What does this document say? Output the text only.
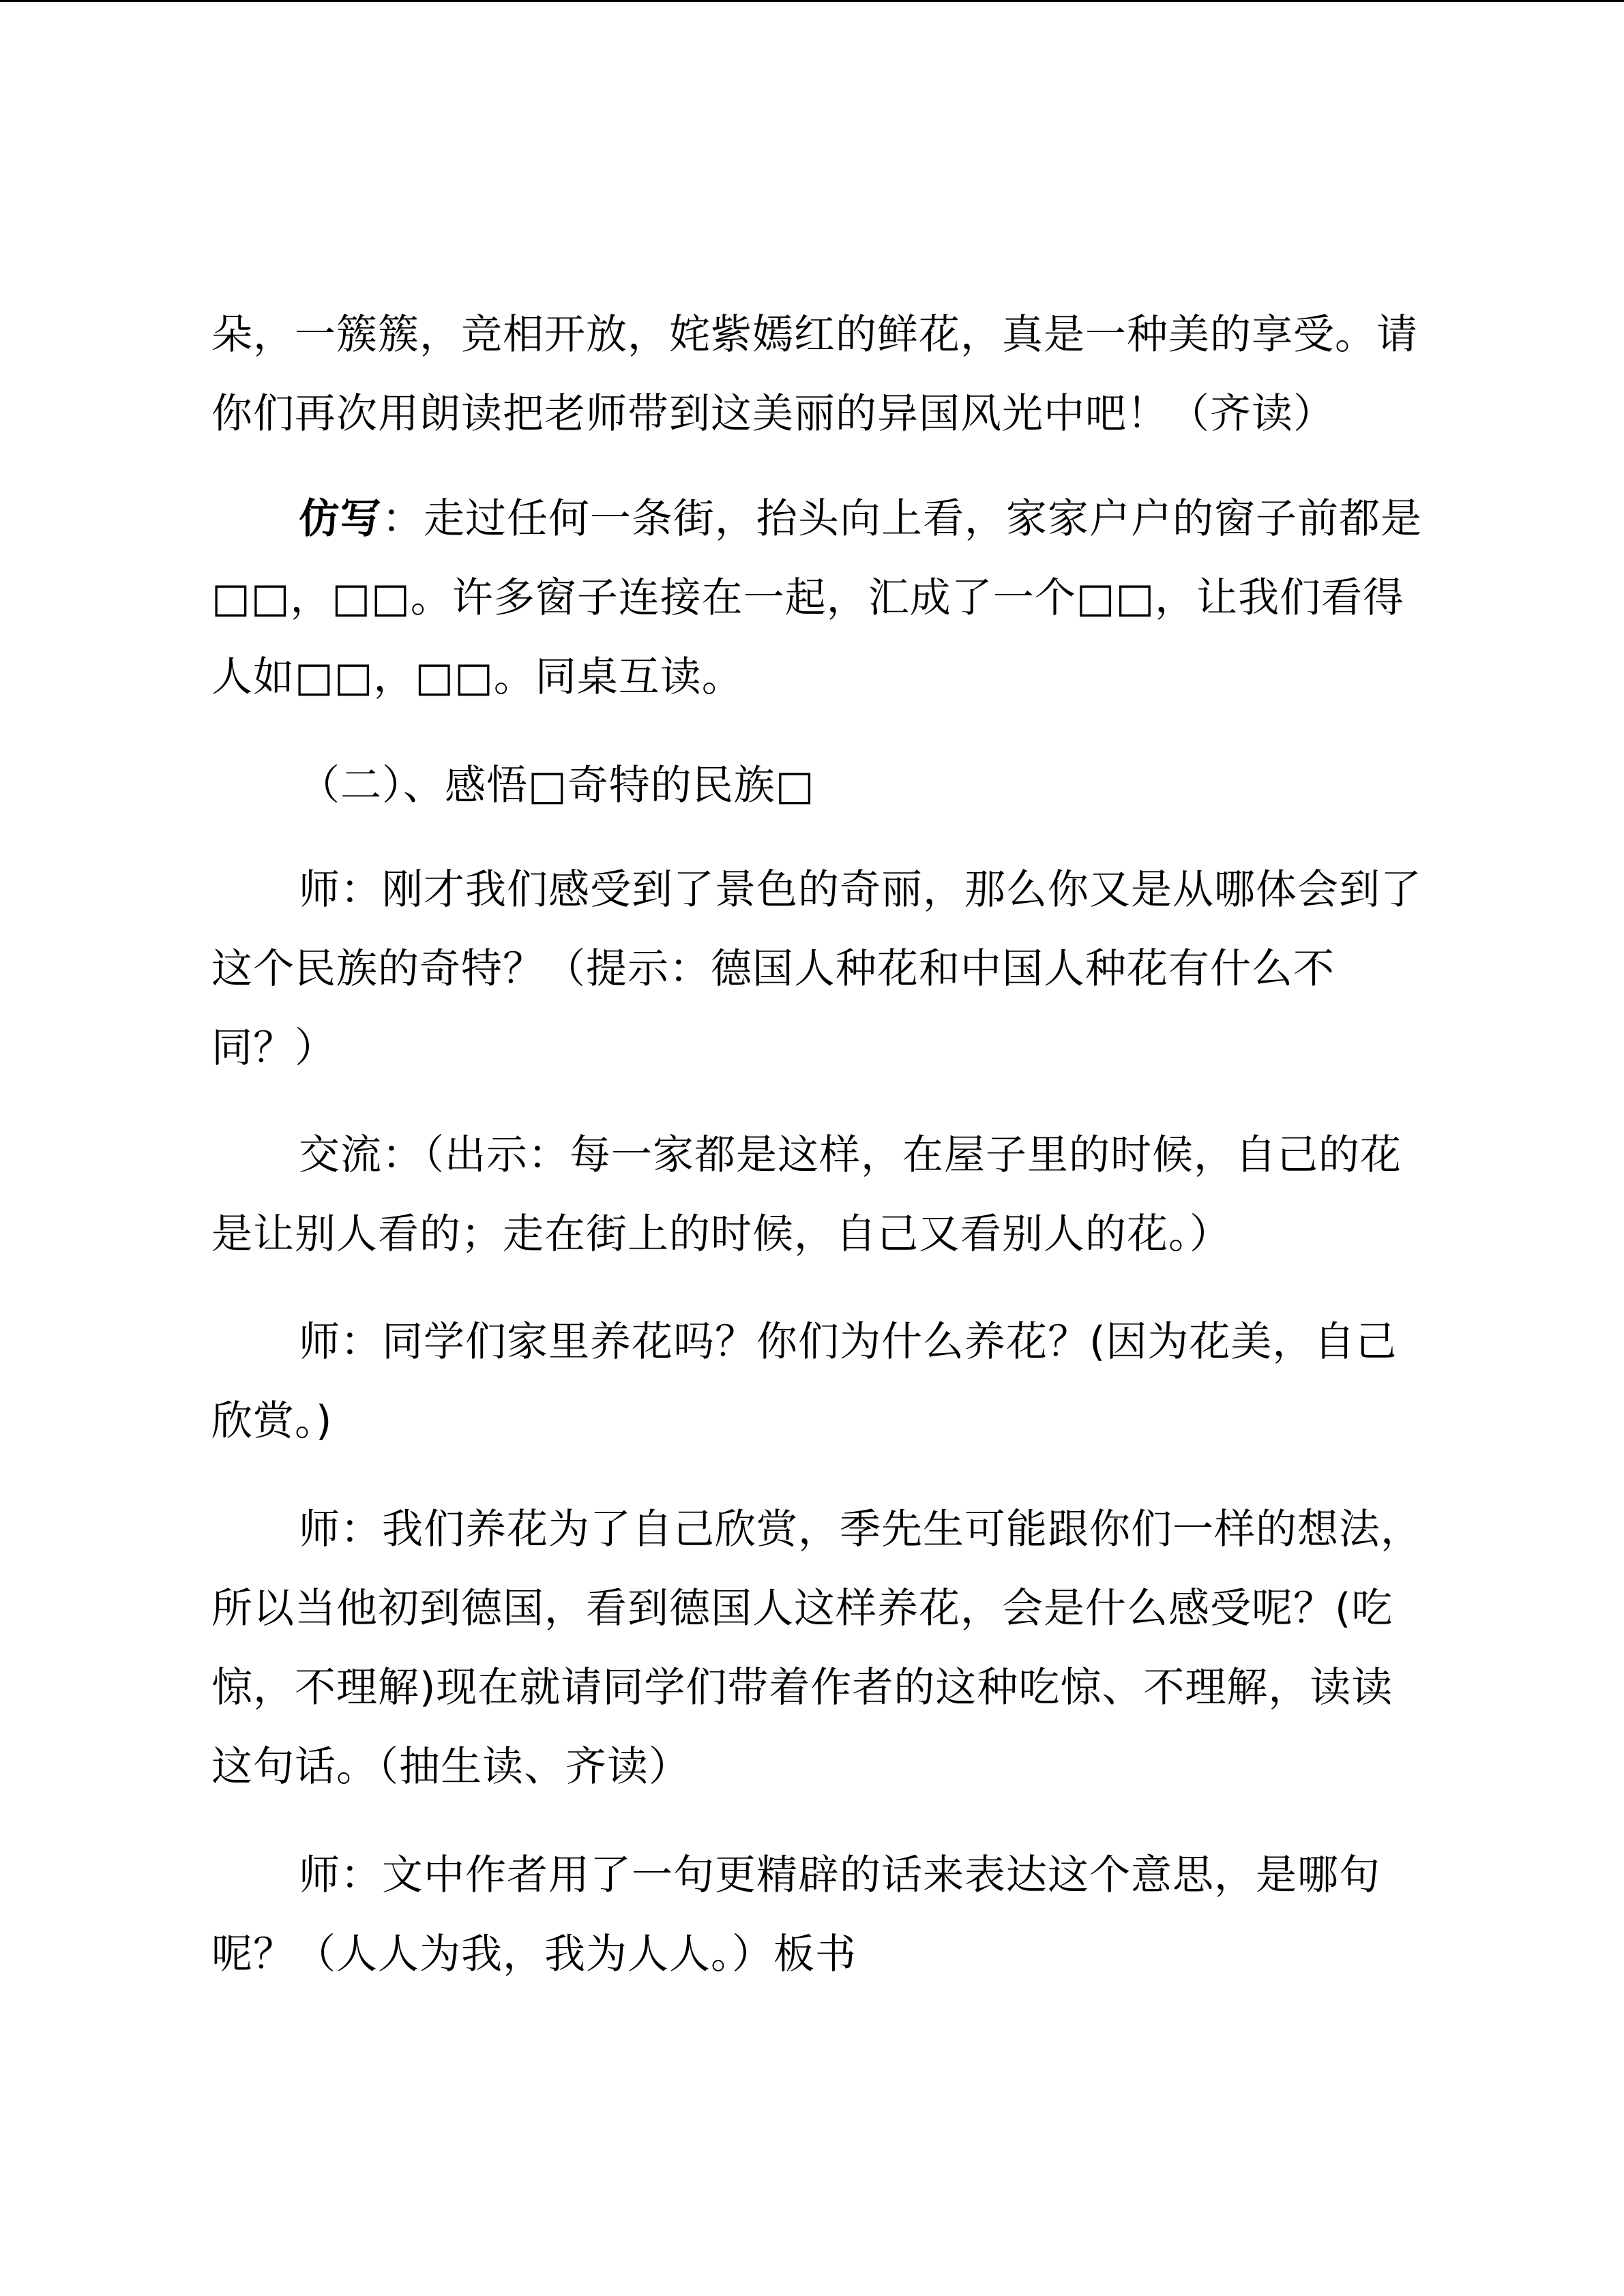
朵，一簇簇，竞相开放，姹紫嫣红的鲜花，真是一种美的享受。请你们再次用朗读把老师带到这美丽的异国风光中吧！（齐读）

仿写：走过任何一条街，抬头向上看，家家户户的窗子前都是□□，□□。许多窗子连接在一起，汇成了一个□□，让我们看得人如□□，□□。同桌互读。

（二）、感悟□奇特的民族□

师：刚才我们感受到了景色的奇丽，那么你又是从哪体会到了这个民族的奇特？（提示：德国人种花和中国人种花有什么不同？）

交流：（出示：每一家都是这样，在屋子里的时候，自己的花是让别人看的；走在街上的时候，自己又看别人的花。）

师：同学们家里养花吗？你们为什么养花？(因为花美，自己欣赏。)

师：我们养花为了自己欣赏，季先生可能跟你们一样的想法，所以当他初到德国，看到德国人这样养花，会是什么感受呢？(吃惊，不理解)现在就请同学们带着作者的这种吃惊、不理解，读读这句话。（抽生读、齐读）

师：文中作者用了一句更精辟的话来表达这个意思，是哪句呢？（人人为我，我为人人。）板书
